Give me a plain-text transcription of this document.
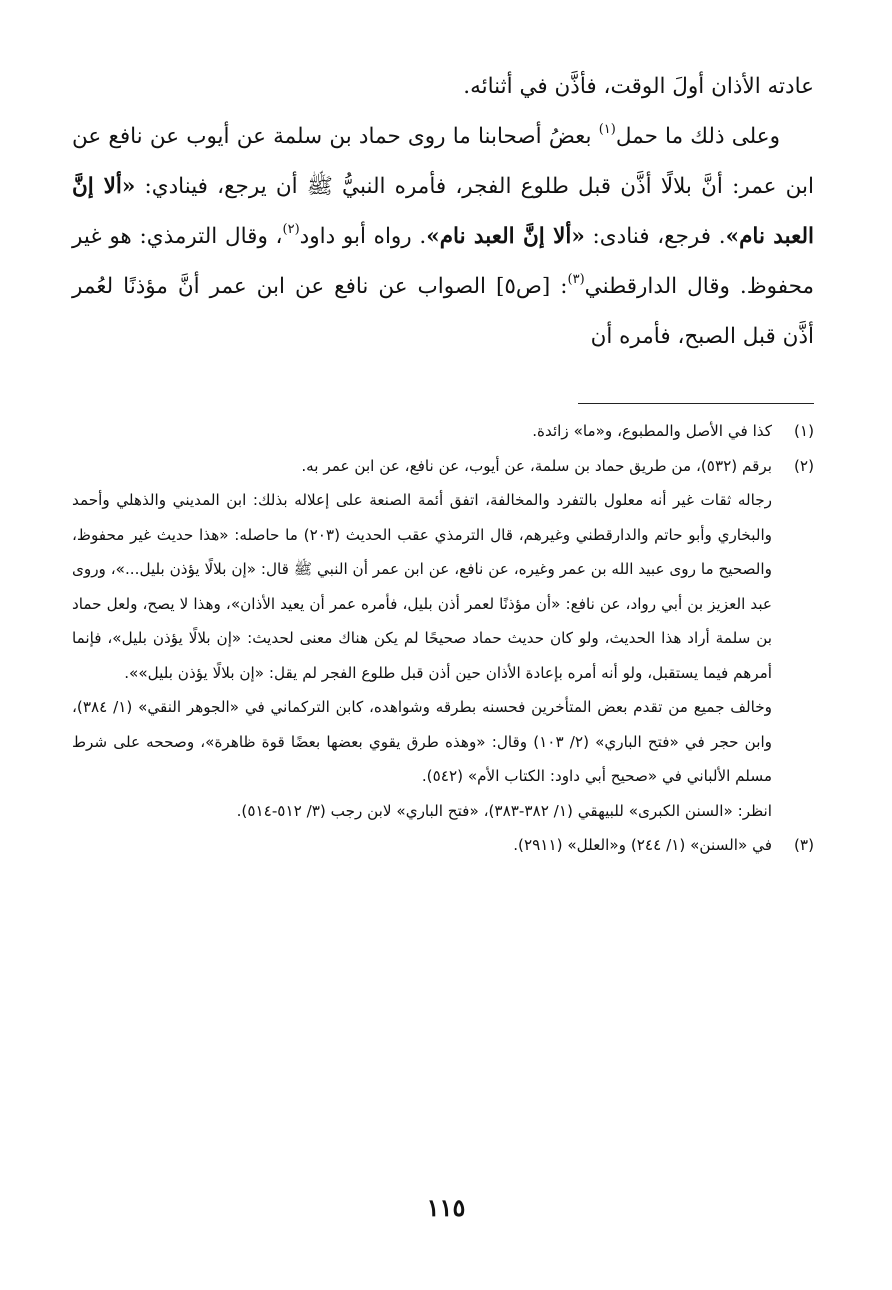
عادته الأذان أولَ الوقت، فأذَّن في أثنائه.

وعلى ذلك ما حمل$^{(١)}$ بعضُ أصحابنا ما روى حماد بن سلمة عن أيوب عن نافع عن ابن عمر: أنَّ بلالًا أذَّن قبل طلوع الفجر، فأمره النبيُّ ﷺ أن يرجع، فينادي: «ألا إنَّ العبد نام». فرجع، فنادى: «ألا إنَّ العبد نام». رواه أبو داود$^{(٢)}$، وقال الترمذي: هو غير محفوظ. وقال الدارقطني$^{(٣)}$: [ص٥] الصواب عن نافع عن ابن عمر أنَّ مؤذنًا لعُمر أذَّن قبل الصبح، فأمره أن

(١)

كذا في الأصل والمطبوع، و«ما» زائدة.

(٢)

برقم (٥٣٢)، من طريق حماد بن سلمة، عن أيوب، عن نافع، عن ابن عمر به.

رجاله ثقات غير أنه معلول بالتفرد والمخالفة، اتفق أئمة الصنعة على إعلاله بذلك: ابن المديني والذهلي وأحمد والبخاري وأبو حاتم والدارقطني وغيرهم، قال الترمذي عقب الحديث (٢٠٣) ما حاصله: «هذا حديث غير محفوظ، والصحيح ما روى عبيد الله بن عمر وغيره، عن نافع، عن ابن عمر أن النبي ﷺ قال: «إن بلالًا يؤذن بليل...»، وروى عبد العزيز بن أبي رواد، عن نافع: «أن مؤذنًا لعمر أذن بليل، فأمره عمر أن يعيد الأذان»، وهذا لا يصح، ولعل حماد بن سلمة أراد هذا الحديث، ولو كان حديث حماد صحيحًا لم يكن هناك معنى لحديث: «إن بلالًا يؤذن بليل»، فإنما أمرهم فيما يستقبل، ولو أنه أمره بإعادة الأذان حين أذن قبل طلوع الفجر لم يقل: «إن بلالًا يؤذن بليل»».

وخالف جميع من تقدم بعض المتأخرين فحسنه بطرقه وشواهده، كابن التركماني في «الجوهر النقي» (١/ ٣٨٤)، وابن حجر في «فتح الباري» (٢/ ١٠٣) وقال: «وهذه طرق يقوي بعضها بعضًا قوة ظاهرة»، وصححه على شرط مسلم الألباني في «صحيح أبي داود: الكتاب الأم» (٥٤٢).

انظر: «السنن الكبرى» للبيهقي (١/ ٣٨٢-٣٨٣)، «فتح الباري» لابن رجب (٣/ ٥١٢-٥١٤).

(٣)

في «السنن» (١/ ٢٤٤) و«العلل» (٢٩١١).

١١٥
